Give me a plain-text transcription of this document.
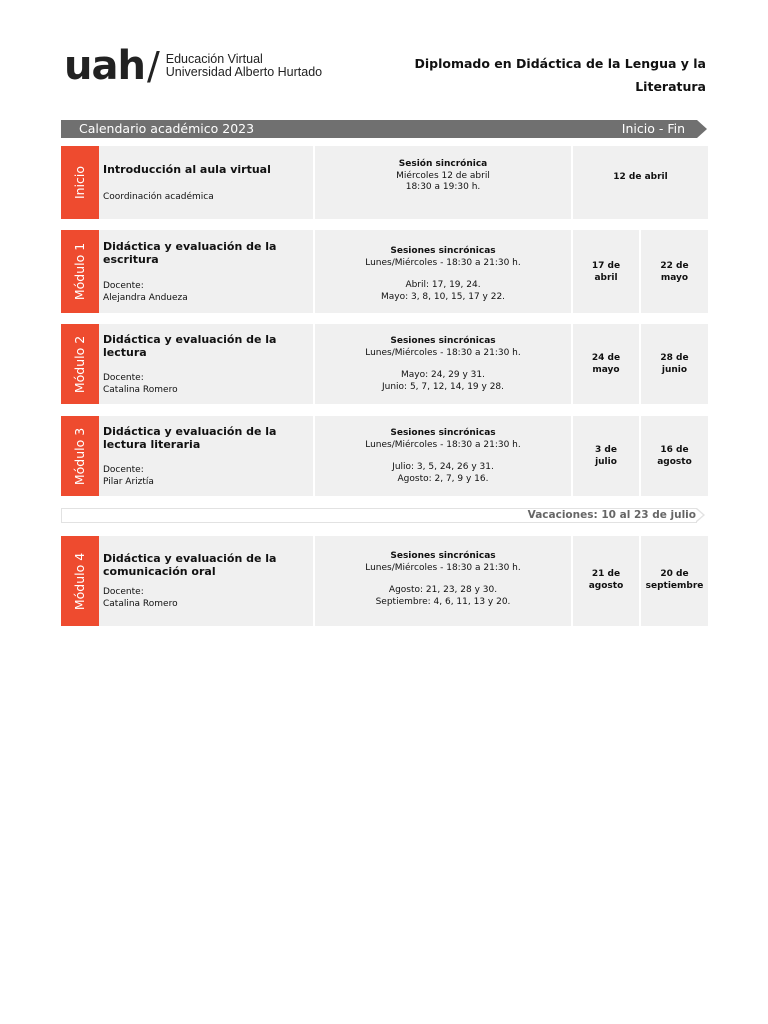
uah / Educación Virtual
Universidad Alberto Hurtado
Diplomado en Didáctica de la Lengua y la Literatura
Calendario académico 2023	Inicio - Fin
Inicio Introducción al aula virtual
Coordinación académica
Sesión sincrónica
Miércoles 12 de abril
18:30 a 19:30 h.
12 de abril
Módulo 1 Didáctica y evaluación de la escritura
Docente:
Alejandra Andueza
Sesiones sincrónicas
Lunes/Miércoles - 18:30 a 21:30 h.
Abril: 17, 19, 24.
Mayo: 3, 8, 10, 15, 17 y 22.
17 de abril
22 de mayo
Módulo 2 Didáctica y evaluación de la lectura
Docente:
Catalina Romero
Sesiones sincrónicas
Lunes/Miércoles - 18:30 a 21:30 h.
Mayo: 24, 29 y 31.
Junio: 5, 7, 12, 14, 19 y 28.
24 de mayo
28 de junio
Módulo 3 Didáctica y evaluación de la lectura literaria
Docente:
Pilar Ariztía
Sesiones sincrónicas
Lunes/Miércoles - 18:30 a 21:30 h.
Julio: 3, 5, 24, 26 y 31.
Agosto: 2, 7, 9 y 16.
3 de julio
16 de agosto
Vacaciones: 10 al 23 de julio
Módulo 4 Didáctica y evaluación de la comunicación oral
Docente:
Catalina Romero
Sesiones sincrónicas
Lunes/Miércoles - 18:30 a 21:30 h.
Agosto: 21, 23, 28 y 30.
Septiembre: 4, 6, 11, 13 y 20.
21 de agosto
20 de septiembre
